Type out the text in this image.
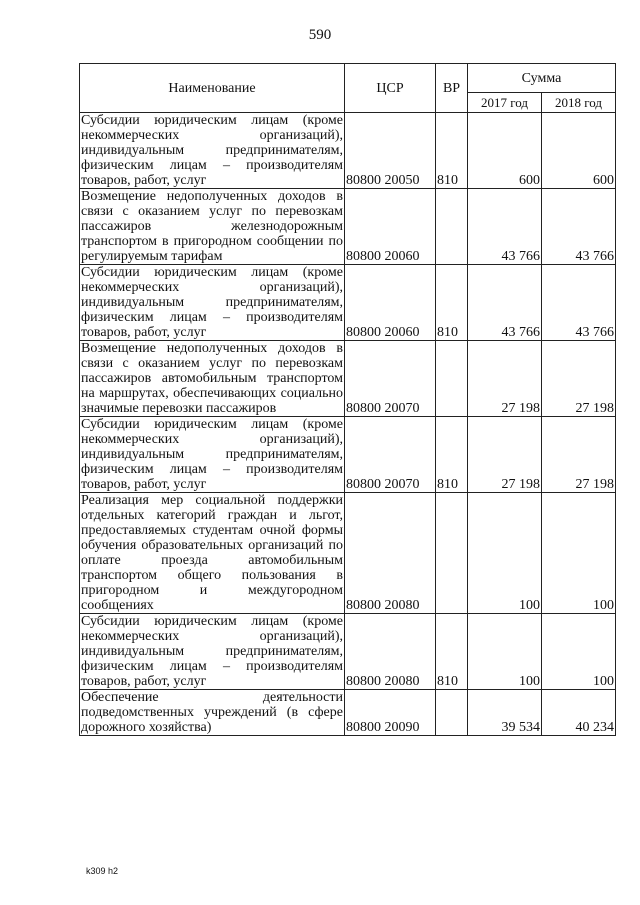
590
Наименование	ЦСР	ВР	Сумма	
			2017 год	2018 год
Субсидии юридическим лицам (кроме некоммерческих организаций), индивидуальным предпринимателям, физическим лицам – производителям товаров, работ, услуг	80800 20050	810	600	600
Возмещение недополученных доходов в связи с оказанием услуг по перевозкам пассажиров железнодорожным транспортом в пригородном сообщении по регулируемым тарифам	80800 20060		43 766	43 766
Субсидии юридическим лицам (кроме некоммерческих организаций), индивидуальным предпринимателям, физическим лицам – производителям товаров, работ, услуг	80800 20060	810	43 766	43 766
Возмещение недополученных доходов в связи с оказанием услуг по перевозкам пассажиров автомобильным транспортом на маршрутах, обеспечивающих социально значимые перевозки пассажиров	80800 20070		27 198	27 198
Субсидии юридическим лицам (кроме некоммерческих организаций), индивидуальным предпринимателям, физическим лицам – производителям товаров, работ, услуг	80800 20070	810	27 198	27 198
Реализация мер социальной поддержки отдельных категорий граждан и льгот, предоставляемых студентам очной формы обучения образовательных организаций по оплате проезда автомобильным транспортом общего пользования в пригородном и междугородном сообщениях	80800 20080		100	100
Субсидии юридическим лицам (кроме некоммерческих организаций), индивидуальным предпринимателям, физическим лицам – производителям товаров, работ, услуг	80800 20080	810	100	100
Обеспечение деятельности подведомственных учреждений (в сфере дорожного хозяйства)	80800 20090		39 534	40 234
k309 h2
